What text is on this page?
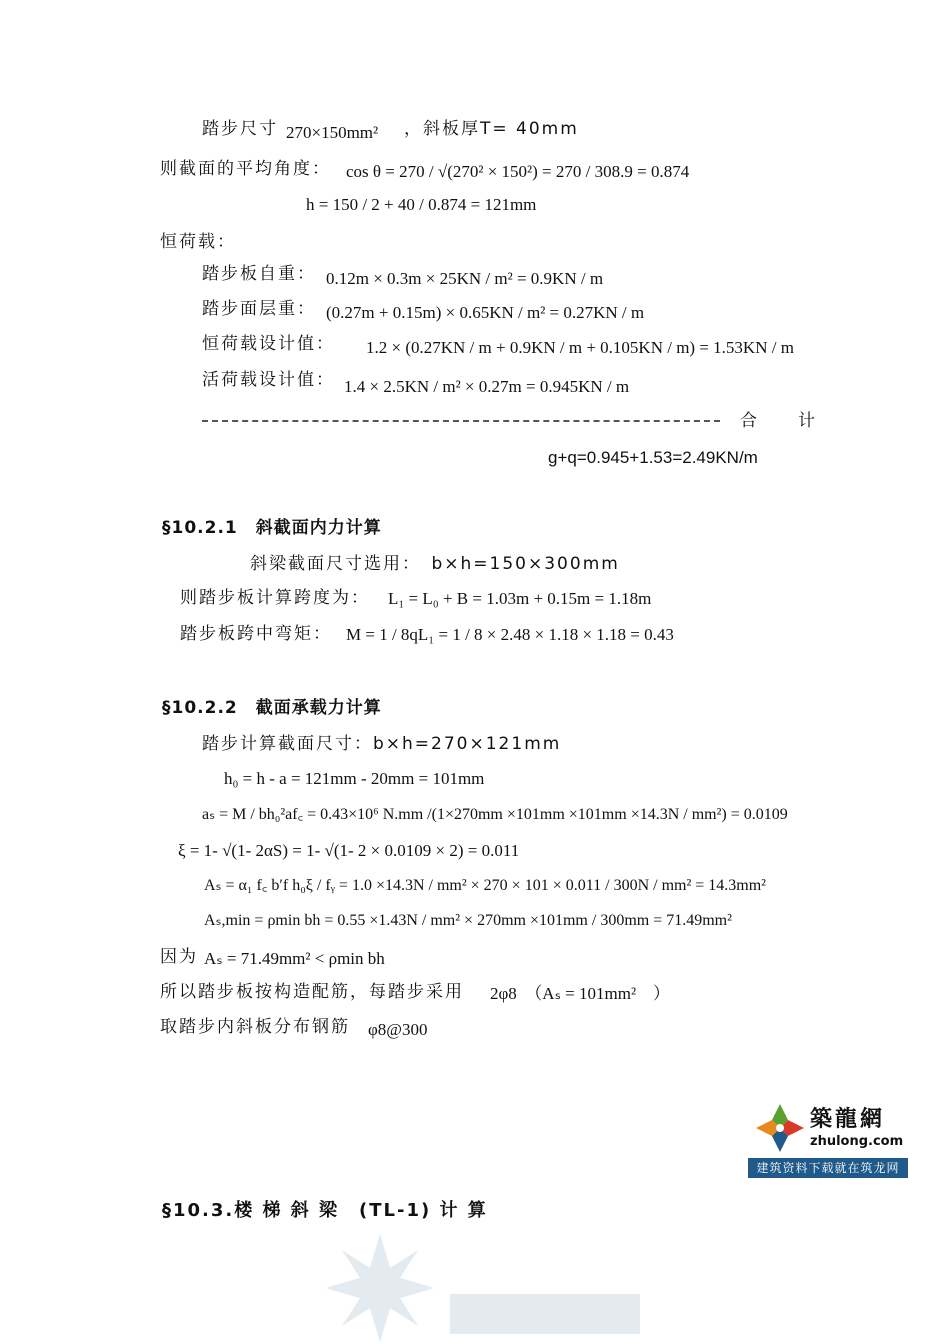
踏步尺寸 270×150mm² ，斜板厚T= 40mm
则截面的平均角度： cos θ = 270 / √(270² × 150²) = 270 / 308.9 = 0.874
h = 150 / 2 + 40 / 0.874 = 121mm
恒荷载：
踏步板自重： 0.12m × 0.3m × 25KN / m² = 0.9KN / m
踏步面层重： (0.27m + 0.15m) × 0.65KN / m² = 0.27KN / m
恒荷载设计值： 1.2 × (0.27KN / m + 0.9KN / m + 0.105KN / m) = 1.53KN / m
活荷载设计值： 1.4 × 2.5KN / m² × 0.27m = 0.945KN / m
合　计
g+q=0.945+1.53=2.49KN/m
§10.2.1　斜截面内力计算
斜梁截面尺寸选用：　b×h=150×300mm
则踏步板计算跨度为： L₁ = L₀ + B = 1.03m + 0.15m = 1.18m
踏步板跨中弯矩： M = 1 / 8qL₁ = 1 / 8 × 2.48 × 1.18 × 1.18 = 0.43
§10.2.2　截面承载力计算
踏步计算截面尺寸：b×h=270×121mm
h₀ = h - a = 121mm - 20mm = 101mm
aₛ = M / bh₀²af꜀ = 0.43×10⁶ N.mm /(1×270mm ×101mm ×101mm ×14.3N / mm²) = 0.0109
ξ = 1- √(1- 2αS) = 1- √(1- 2 × 0.0109 × 2) = 0.011
Aₛ = α₁ f꜀ b′f h₀ξ / fᵧ = 1.0 ×14.3N / mm² × 270 × 101 × 0.011 / 300N / mm² = 14.3mm²
Aₛ,min = ρmin bh = 0.55 ×1.43N / mm² × 270mm ×101mm / 300mm = 71.49mm²
因为 Aₛ = 71.49mm² < ρmin bh
所以踏步板按构造配筋，每踏步采用 2φ8　（Aₛ = 101mm²　）
取踏步内斜板分布钢筋 φ8@300
築龍網
zhulong.com
建筑资料下载就在筑龙网
§10.3.楼 梯 斜 梁　(TL-1) 计 算
